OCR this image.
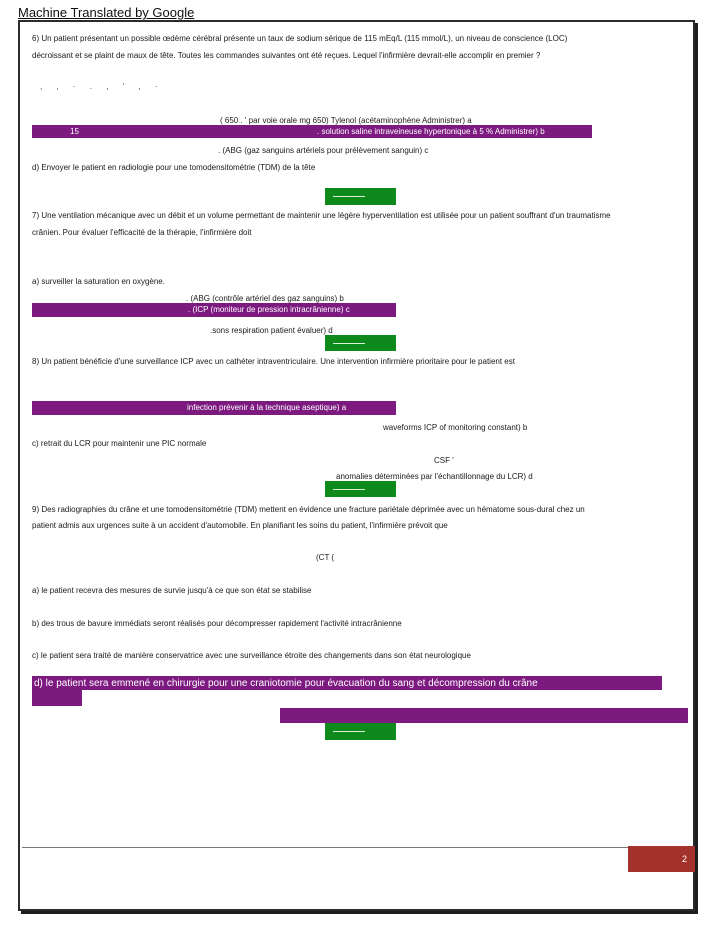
Machine Translated by Google
6) Un patient présentant un possible œdème cérébral présente un taux de sodium sérique de 115 mEq/L (115 mmol/L), un niveau de conscience (LOC)
décroissant et se plaint de maux de tête. Toutes les commandes suivantes ont été reçues. Lequel l'infirmière devrait-elle accomplir en premier ?
, , · . , ' , ·
( 650 . ' par voie orale mg 650) Tylenol (acétaminophène Administrer) a
15	. solution saline intraveineuse hypertonique à 5 % Administrer) b
. (ABG (gaz sanguins artériels pour prélèvement sanguin) c
d) Envoyer le patient en radiologie pour une tomodensitométrie (TDM) de la tête
7) Une ventilation mécanique avec un débit et un volume permettant de maintenir une légère hyperventilation est utilisée pour un patient souffrant d'un traumatisme
crânien. Pour évaluer l'efficacité de la thérapie, l'infirmière doit
a) surveiller la saturation en oxygène.
. (ABG (contrôle artériel des gaz sanguins) b
. (ICP (moniteur de pression intracrânienne) c
.sons respiration patient évaluer) d
8) Un patient bénéficie d'une surveillance ICP avec un cathéter intraventriculaire. Une intervention infirmière prioritaire pour le patient est
infection prévenir à la technique aseptique) a
waveforms ICP of monitoring constant) b
c) retrait du LCR pour maintenir une PIC normale
CSF '
anomalies déterminées par l'échantillonnage du LCR) d
9) Des radiographies du crâne et une tomodensitométrie (TDM) mettent en évidence une fracture pariétale déprimée avec un hématome sous-dural chez un
patient admis aux urgences suite à un accident d'automobile. En planifiant les soins du patient, l'infirmière prévoit que
(CT (
a) le patient recevra des mesures de survie jusqu'à ce que son état se stabilise
b) des trous de bavure immédiats seront réalisés pour décompresser rapidement l'activité intracrânienne
c) le patient sera traité de manière conservatrice avec une surveillance étroite des changements dans son état neurologique
d) le patient sera emmené en chirurgie pour une craniotomie pour évacuation du sang et décompression du crâne
2
